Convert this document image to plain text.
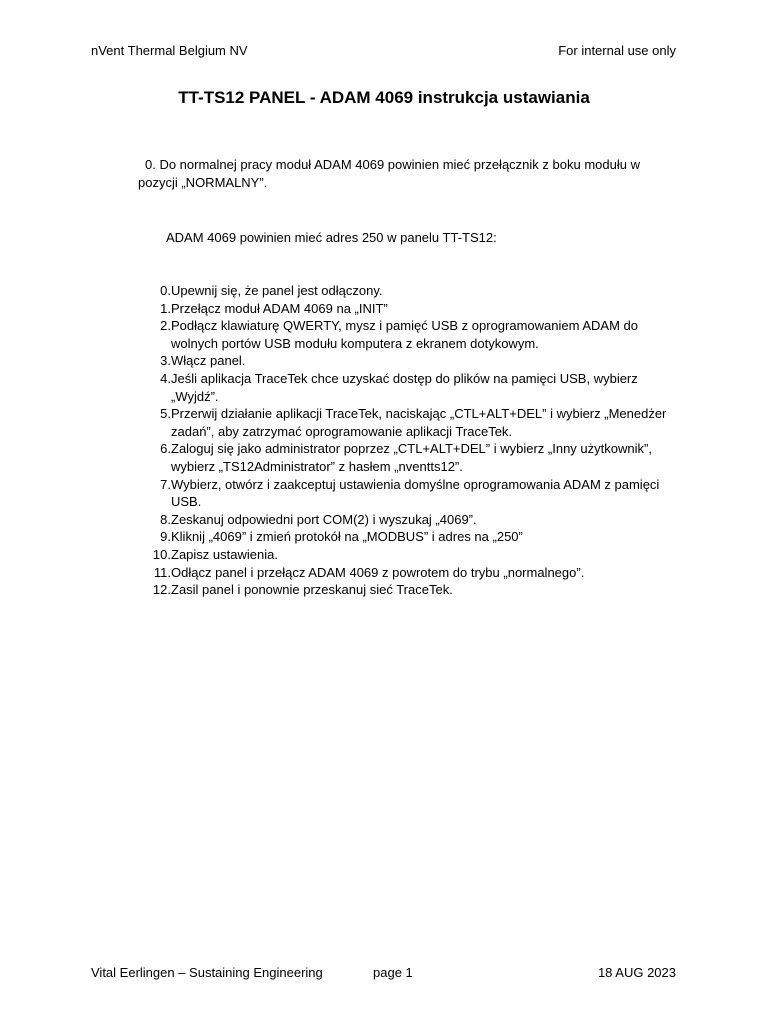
nVent Thermal Belgium NV	For internal use only
TT-TS12 PANEL - ADAM 4069 instrukcja ustawiania
0. Do normalnej pracy moduł ADAM 4069 powinien mieć przełącznik z boku modułu w
pozycji „NORMALNY”.
ADAM 4069 powinien mieć adres 250 w panelu TT-TS12:
0. Upewnij się, że panel jest odłączony.
1. Przełącz moduł ADAM 4069 na „INIT”
2. Podłącz klawiaturę QWERTY, mysz i pamięć USB z oprogramowaniem ADAM do wolnych portów USB modułu komputera z ekranem dotykowym.
3. Włącz panel.
4. Jeśli aplikacja TraceTek chce uzyskać dostęp do plików na pamięci USB, wybierz „Wyjdź”.
5. Przerwij działanie aplikacji TraceTek, naciskając „CTL+ALT+DEL” i wybierz „Menedżer zadań”, aby zatrzymać oprogramowanie aplikacji TraceTek.
6. Zaloguj się jako administrator poprzez „CTL+ALT+DEL” i wybierz „Inny użytkownik”, wybierz „TS12Administrator” z hasłem „nventts12”.
7. Wybierz, otwórz i zaakceptuj ustawienia domyślne oprogramowania ADAM z pamięci USB.
8. Zeskanuj odpowiedni port COM(2) i wyszukaj „4069”.
9. Kliknij „4069” i zmień protokół na „MODBUS” i adres na „250”
10. Zapisz ustawienia.
11. Odłącz panel i przełącz ADAM 4069 z powrotem do trybu „normalnego”.
12. Zasil panel i ponownie przeskanuj sieć TraceTek.
Vital Eerlingen – Sustaining Engineering	page 1	18 AUG 2023
